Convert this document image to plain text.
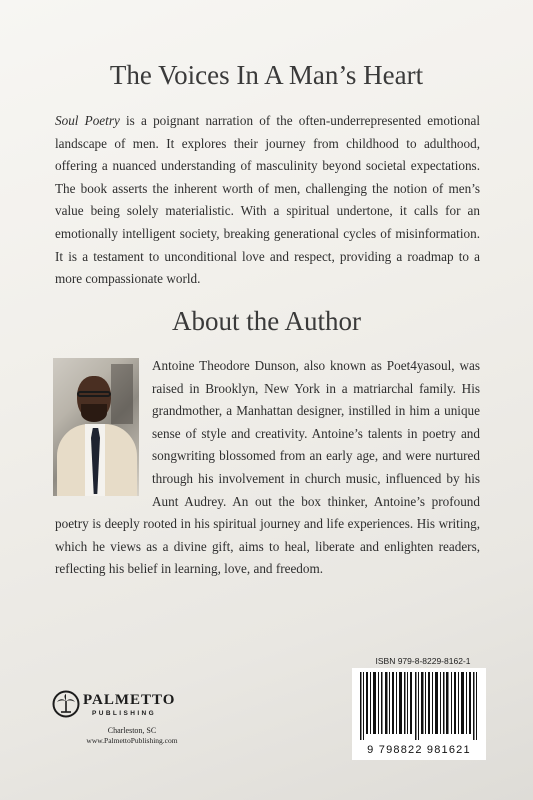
The Voices In A Man’s Heart

Soul Poetry is a poignant narration of the often-underrepresented emotional landscape of men. It explores their journey from childhood to adulthood, offering a nuanced understanding of masculinity beyond societal expectations. The book asserts the inherent worth of men, challenging the notion of men’s value being solely materialistic. With a spiritual undertone, it calls for an emotionally intelligent society, breaking generational cycles of misinformation. It is a testament to unconditional love and respect, providing a roadmap to a more compassionate world.

About the Author

Antoine Theodore Dunson, also known as Poet4yasoul, was raised in Brooklyn, New York in a matriarchal family. His grandmother, a Manhattan designer, instilled in him a unique sense of style and creativity. Antoine’s talents in poetry and songwriting blossomed from an early age, and were nurtured through his involvement in church music, influenced by his Aunt Audrey. An out the box thinker, Antoine’s profound poetry is deeply rooted in his spiritual journey and life experiences. His writing, which he views as a divine gift, aims to heal, liberate and enlighten readers, reflecting his belief in learning, love, and freedom.

ISBN 979-8-8229-8162-1
9 798822 981621
PALMETTO
PUBLISHING
Charleston, SC
www.PalmettoPublishing.com
